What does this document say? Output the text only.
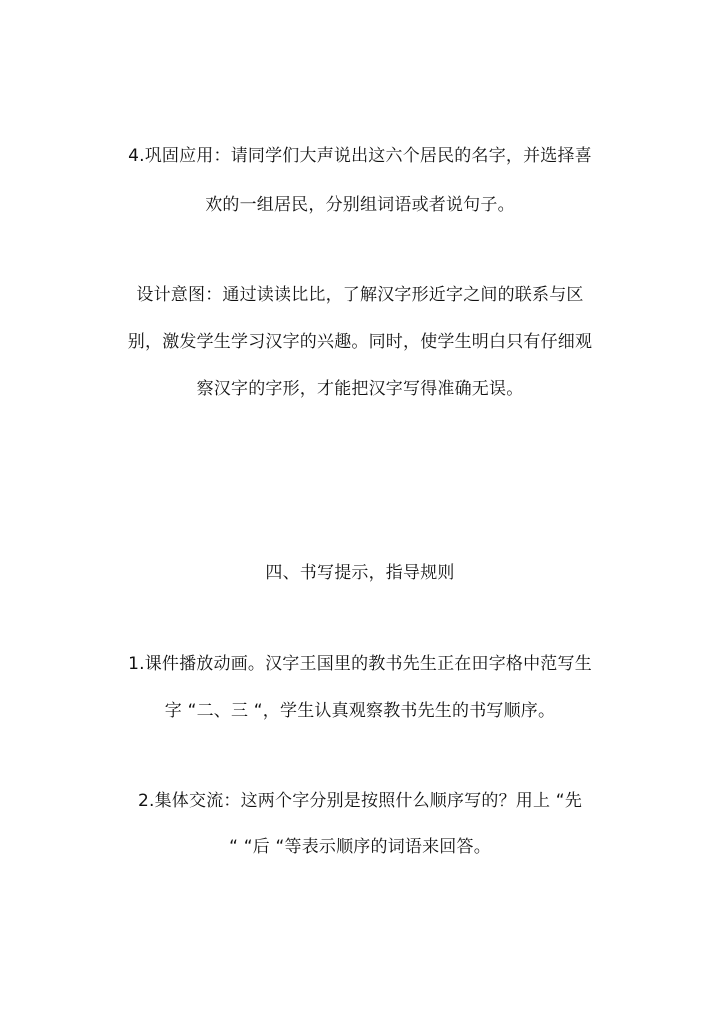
4.巩固应用：请同学们大声说出这六个居民的名字，并选择喜
欢的一组居民，分别组词语或者说句子。
设计意图：通过读读比比，了解汉字形近字之间的联系与区
别，激发学生学习汉字的兴趣。同时，使学生明白只有仔细观
察汉字的字形，才能把汉字写得准确无误。
四、书写提示，指导规则
1.课件播放动画。汉字王国里的教书先生正在田字格中范写生
字 “二、三 “，学生认真观察教书先生的书写顺序。
2.集体交流：这两个字分别是按照什么顺序写的？用上 “先
“ “后 “等表示顺序的词语来回答。
